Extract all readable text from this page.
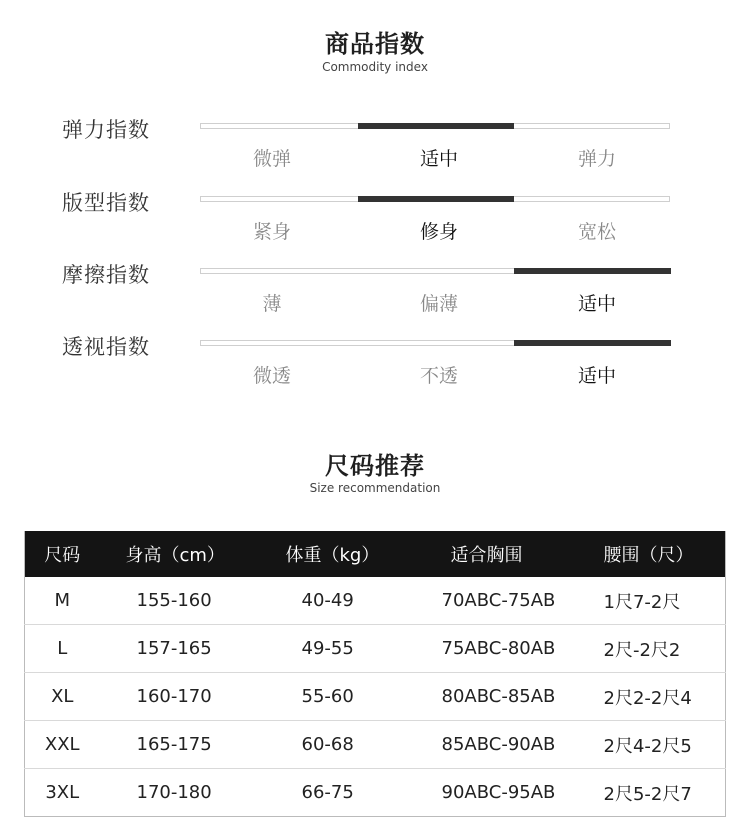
商品指数
Commodity index
弹力指数
微弹	适中	弹力
版型指数
紧身	修身	宽松
摩擦指数
薄	偏薄	适中
透视指数
微透	不透	适中
尺码推荐
Size recommendation
尺码	身高（cm）	体重（kg）	适合胸围	腰围（尺）
M	155-160	40-49	70ABC-75AB	1尺7-2尺
L	157-165	49-55	75ABC-80AB	2尺-2尺2
XL	160-170	55-60	80ABC-85AB	2尺2-2尺4
XXL	165-175	60-68	85ABC-90AB	2尺4-2尺5
3XL	170-180	66-75	90ABC-95AB	2尺5-2尺7
